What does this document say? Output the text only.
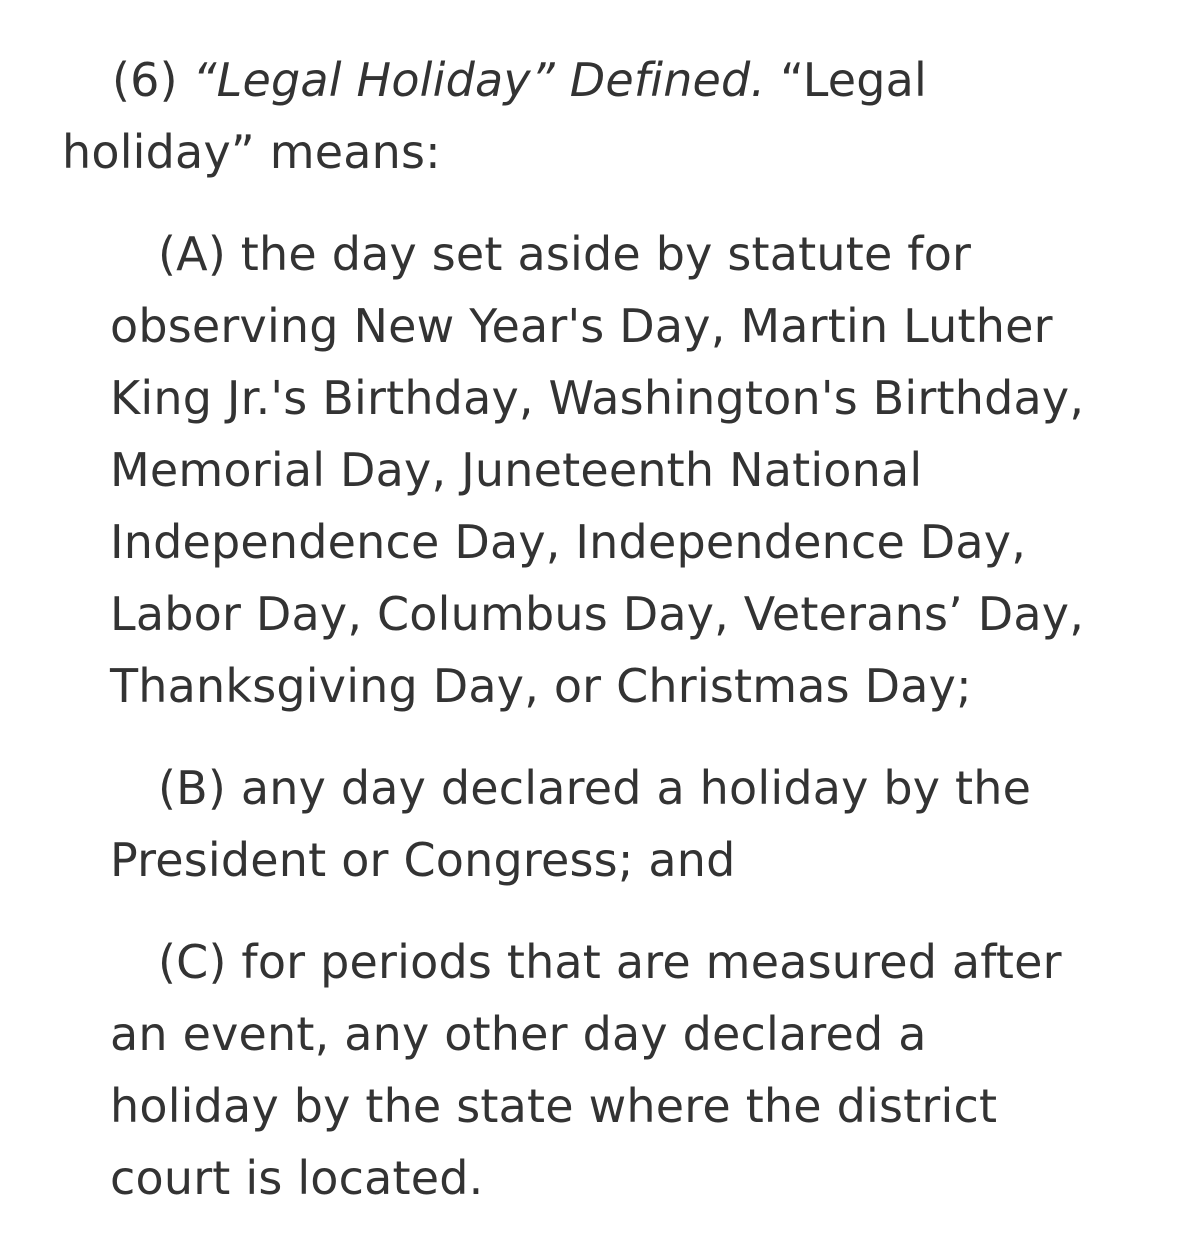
(6) “Legal Holiday” Defined. “Legal
holiday” means:
(A) the day set aside by statute for
observing New Year's Day, Martin Luther
King Jr.'s Birthday, Washington's Birthday,
Memorial Day, Juneteenth National
Independence Day, Independence Day,
Labor Day, Columbus Day, Veterans’ Day,
Thanksgiving Day, or Christmas Day;
(B) any day declared a holiday by the
President or Congress; and
(C) for periods that are measured after
an event, any other day declared a
holiday by the state where the district
court is located.
